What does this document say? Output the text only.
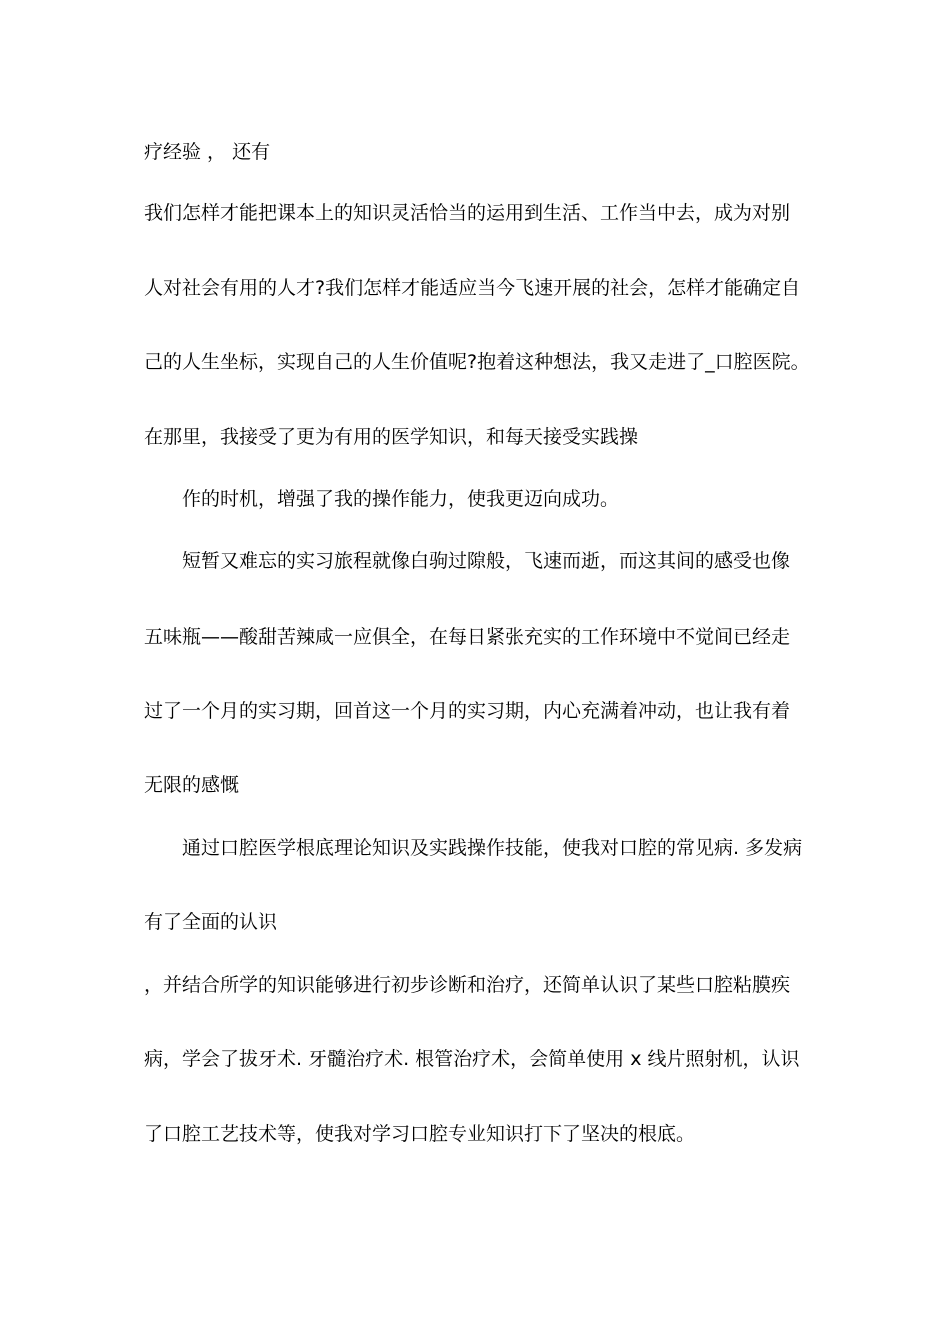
疗经验 ， 还有
我们怎样才能把课本上的知识灵活恰当的运用到生活、工作当中去，成为对别
人对社会有用的人才?我们怎样才能适应当今飞速开展的社会，怎样才能确定自
己的人生坐标，实现自己的人生价值呢?抱着这种想法，我又走进了_口腔医院。
在那里，我接受了更为有用的医学知识，和每天接受实践操
作的时机，增强了我的操作能力，使我更迈向成功。
短暂又难忘的实习旅程就像白驹过隙般，飞速而逝，而这其间的感受也像
五味瓶——酸甜苦辣咸一应俱全，在每日紧张充实的工作环境中不觉间已经走
过了一个月的实习期，回首这一个月的实习期，内心充满着冲动，也让我有着
无限的感慨
通过口腔医学根底理论知识及实践操作技能，使我对口腔的常见病. 多发病
有了全面的认识
，并结合所学的知识能够进行初步诊断和治疗，还简单认识了某些口腔粘膜疾
病，学会了拔牙术. 牙髓治疗术. 根管治疗术，会简单使用 x 线片照射机，认识
了口腔工艺技术等，使我对学习口腔专业知识打下了坚决的根底。
